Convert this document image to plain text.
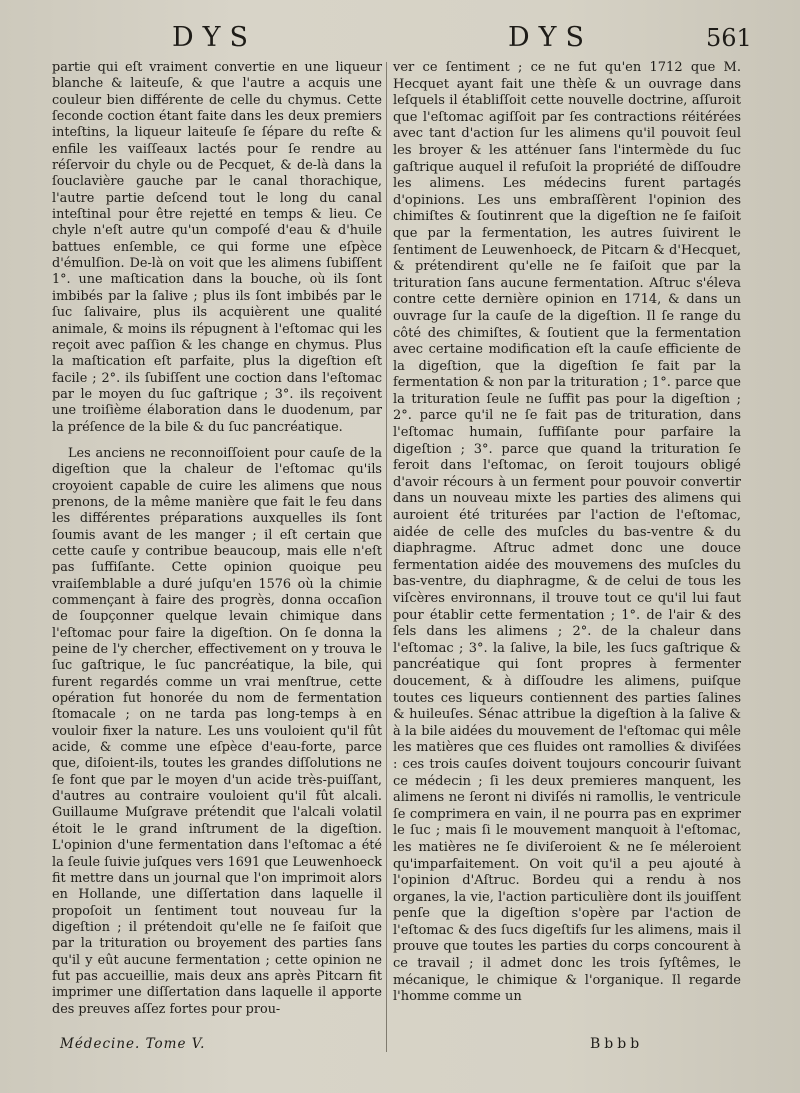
DYS	DYS	561

partie qui eſt vraiment convertie en une liqueur blanche & laiteuſe, & que l'autre a acquis une couleur bien différente de celle du chymus. Cette ſeconde coction étant faite dans les deux premiers inteſtins, la liqueur laiteuſe ſe ſépare du reſte & enfile les vaiſſeaux lactés pour ſe rendre au réſervoir du chyle ou de Pecquet, & de-là dans la ſouclavière gauche par le canal thorachique, l'autre partie deſcend tout le long du canal inteſtinal pour être rejetté en temps & lieu. Ce chyle n'eſt autre qu'un compoſé d'eau & d'huile battues enſemble, ce qui forme une eſpèce d'émulſion. De-là on voit que les alimens ſubiſſent 1°. une maſtication dans la bouche, où ils ſont imbibés par la ſalive ; plus ils ſont imbibés par le ſuc ſalivaire, plus ils acquièrent une qualité animale, & moins ils répugnent à l'eſtomac qui les reçoit avec paſſion & les change en chymus. Plus la maſtication eſt parfaite, plus la digeſtion eſt facile ; 2°. ils ſubiſſent une coction dans l'eſtomac par le moyen du ſuc gaſtrique ; 3°. ils reçoivent une troiſième élaboration dans le duodenum, par la préſence de la bile & du ſuc pancréatique.

Les anciens ne reconnoiſſoient pour cauſe de la digeſtion que la chaleur de l'eſtomac qu'ils croyoient capable de cuire les alimens que nous prenons, de la même manière que fait le feu dans les différentes préparations auxquelles ils ſont ſoumis avant de les manger ; il eſt certain que cette cauſe y contribue beaucoup, mais elle n'eſt pas ſuffiſante. Cette opinion quoique peu vraiſemblable a duré juſqu'en 1576 où la chimie commençant à faire des progrès, donna occaſion de ſoupçonner quelque levain chimique dans l'eſtomac pour faire la digeſtion. On ſe donna la peine de l'y chercher, effectivement on y trouva le ſuc gaſtrique, le ſuc pancréatique, la bile, qui furent regardés comme un vrai menſtrue, cette opération fut honorée du nom de fermentation ſtomacale ; on ne tarda pas long-temps à en vouloir fixer la nature. Les uns vouloient qu'il fût acide, & comme une eſpèce d'eau-forte, parce que, diſoient-ils, toutes les grandes diſſolutions ne ſe font que par le moyen d'un acide très-puiſſant, d'autres au contraire vouloient qu'il fût alcali. Guillaume Muſgrave prétendit que l'alcali volatil étoit le le grand inſtrument de la digeſtion. L'opinion d'une fermentation dans l'eſtomac a été la ſeule ſuivie juſques vers 1691 que Leuwenhoeck fit mettre dans un journal que l'on imprimoit alors en Hollande, une diſſertation dans laquelle il propoſoit un ſentiment tout nouveau ſur la digeſtion ; il prétendoit qu'elle ne ſe faiſoit que par la trituration ou broyement des parties ſans qu'il y eût aucune fermentation ; cette opinion ne fut pas accueillie, mais deux ans après Pitcarn fit imprimer une diſſertation dans laquelle il apporte des preuves aſſez fortes pour prou-

ver ce ſentiment ; ce ne fut qu'en 1712 que M. Hecquet ayant fait une thèſe & un ouvrage dans leſquels il établiſſoit cette nouvelle doctrine, aſſuroit que l'eſtomac agiſſoit par ſes contractions réitérées avec tant d'action ſur les alimens qu'il pouvoit ſeul les broyer & les atténuer ſans l'intermède du ſuc gaſtrique auquel il refuſoit la propriété de diſſoudre les alimens. Les médecins furent partagés d'opinions. Les uns embraſſèrent l'opinion des chimiſtes & ſoutinrent que la digeſtion ne ſe faiſoit que par la fermentation, les autres ſuivirent le ſentiment de Leuwenhoeck, de Pitcarn & d'Hecquet, & prétendirent qu'elle ne ſe faiſoit que par la trituration ſans aucune fermentation. Aſtruc s'éleva contre cette dernière opinion en 1714, & dans un ouvrage ſur la cauſe de la digeſtion. Il ſe range du côté des chimiſtes, & ſoutient que la fermentation avec certaine modification eſt la cauſe efficiente de la digeſtion, que la digeſtion ſe fait par la fermentation & non par la trituration ; 1°. parce que la trituration ſeule ne ſuffit pas pour la digeſtion ; 2°. parce qu'il ne ſe fait pas de trituration, dans l'eſtomac humain, ſuffiſante pour parfaire la digeſtion ; 3°. parce que quand la trituration ſe feroit dans l'eſtomac, on ſeroit toujours obligé d'avoir récours à un ferment pour pouvoir convertir dans un nouveau mixte les parties des alimens qui auroient été triturées par l'action de l'eſtomac, aidée de celle des muſcles du bas-ventre & du diaphragme. Aſtruc admet donc une douce fermentation aidée des mouvemens des muſcles du bas-ventre, du diaphragme, & de celui de tous les viſcères environnans, il trouve tout ce qu'il lui faut pour établir cette fermentation ; 1°. de l'air & des ſels dans les alimens ; 2°. de la chaleur dans l'eſtomac ; 3°. la ſalive, la bile, les ſucs gaſtrique & pancréatique qui ſont propres à fermenter doucement, & à diſſoudre les alimens, puiſque toutes ces liqueurs contiennent des parties ſalines & huileuſes. Sénac attribue la digeſtion à la ſalive & à la bile aidées du mouvement de l'eſtomac qui mêle les matières que ces fluides ont ramollies & diviſées : ces trois cauſes doivent toujours concourir ſuivant ce médecin ; ſi les deux premieres manquent, les alimens ne ſeront ni diviſés ni ramollis, le ventricule ſe comprimera en vain, il ne pourra pas en exprimer le ſuc ; mais ſi le mouvement manquoit à l'eſtomac, les matières ne ſe diviſeroient & ne ſe méleroient qu'imparfaitement. On voit qu'il a peu ajouté à l'opinion d'Aſtruc. Bordeu qui a rendu à nos organes, la vie, l'action particulière dont ils jouiſſent penſe que la digeſtion s'opère par l'action de l'eſtomac & des ſucs digeſtifs ſur les alimens, mais il prouve que toutes les parties du corps concourent à ce travail ; il admet donc les trois ſyſtêmes, le mécanique, le chimique & l'organique. Il regarde l'homme comme un

Médecine. Tome V.	Bbbb
